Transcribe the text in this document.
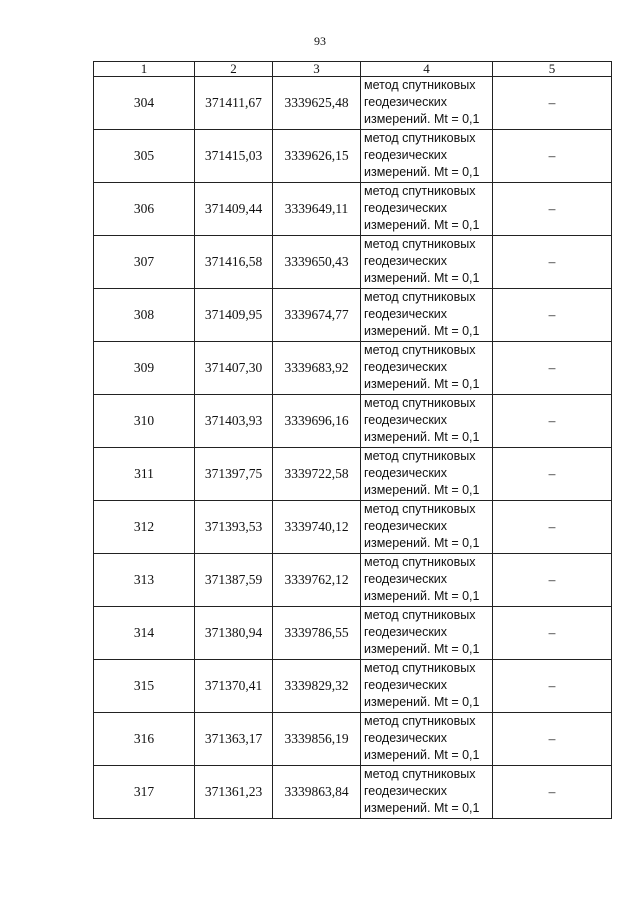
93
1	2	3	4	5
304	371411,67	3339625,48	метод спутниковых
геодезических
измерений. Mt = 0,1	–
305	371415,03	3339626,15	метод спутниковых
геодезических
измерений. Mt = 0,1	–
306	371409,44	3339649,11	метод спутниковых
геодезических
измерений. Mt = 0,1	–
307	371416,58	3339650,43	метод спутниковых
геодезических
измерений. Mt = 0,1	–
308	371409,95	3339674,77	метод спутниковых
геодезических
измерений. Mt = 0,1	–
309	371407,30	3339683,92	метод спутниковых
геодезических
измерений. Mt = 0,1	–
310	371403,93	3339696,16	метод спутниковых
геодезических
измерений. Mt = 0,1	–
311	371397,75	3339722,58	метод спутниковых
геодезических
измерений. Mt = 0,1	–
312	371393,53	3339740,12	метод спутниковых
геодезических
измерений. Mt = 0,1	–
313	371387,59	3339762,12	метод спутниковых
геодезических
измерений. Mt = 0,1	–
314	371380,94	3339786,55	метод спутниковых
геодезических
измерений. Mt = 0,1	–
315	371370,41	3339829,32	метод спутниковых
геодезических
измерений. Mt = 0,1	–
316	371363,17	3339856,19	метод спутниковых
геодезических
измерений. Mt = 0,1	–
317	371361,23	3339863,84	метод спутниковых
геодезических
измерений. Mt = 0,1	–
